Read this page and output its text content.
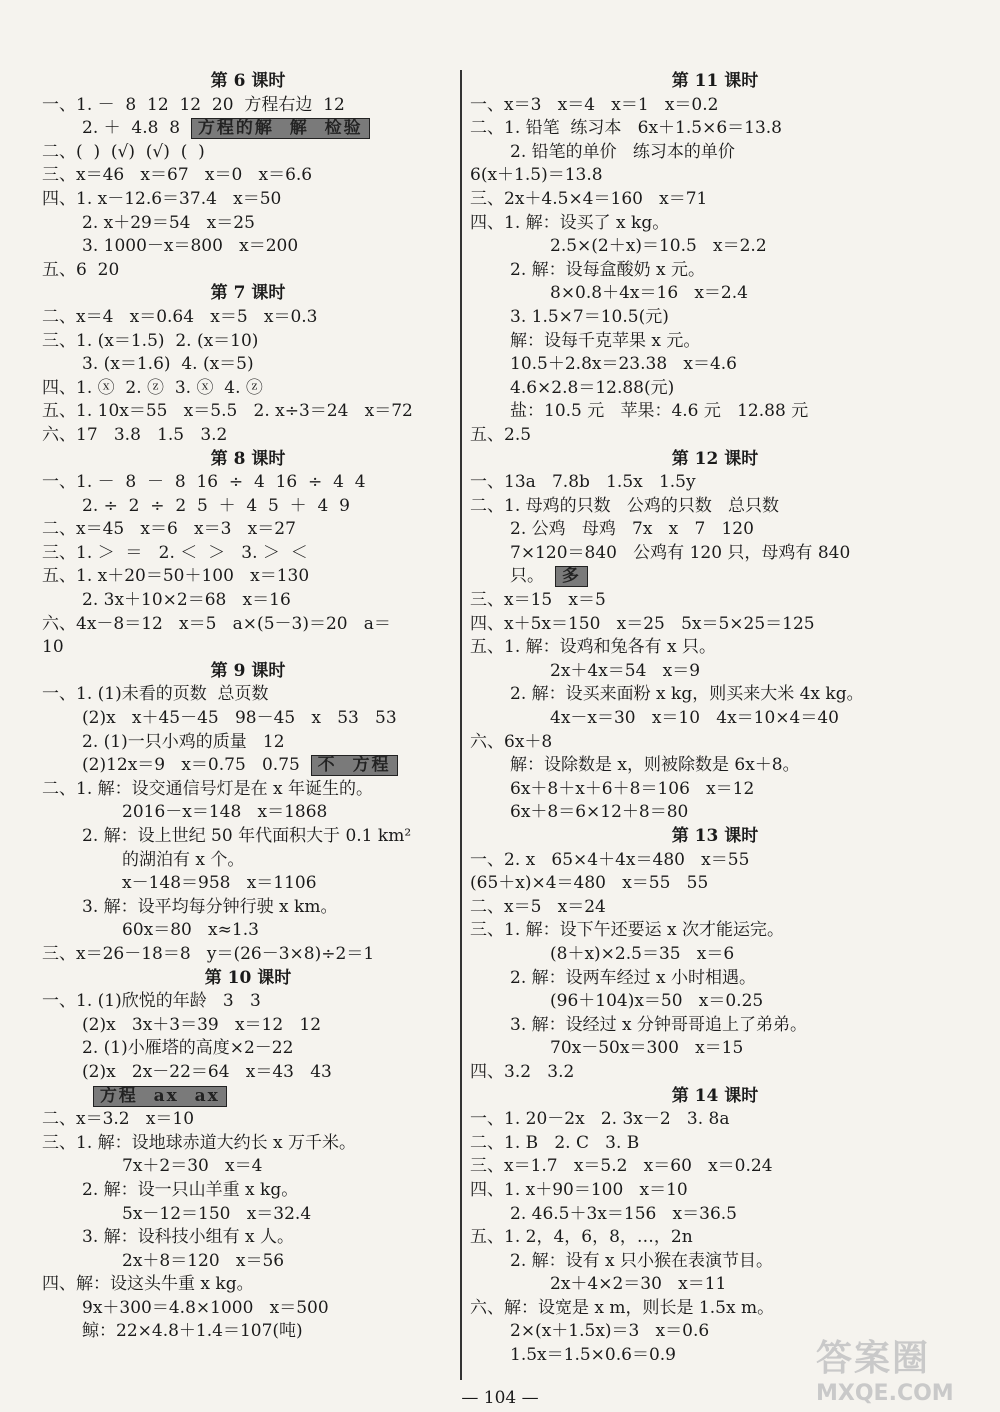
第 6 课时
一、1. －  8  12  12  20  方程右边  12
2. ＋  4.8  8 方程的解  解  检验
二、(  )  (√)  (√)  (  )
三、x＝46   x＝67   x＝0   x＝6.6
四、1. x－12.6＝37.4   x＝50
2. x＋29＝54   x＝25
3. 1000－x＝800   x＝200
五、6  20
第 7 课时
二、x＝4   x＝0.64   x＝5   x＝0.3
三、1. (x＝1.5)  2. (x＝10)
3. (x＝1.6)  4. (x＝5)
四、1. ⓧ  2. ⓩ  3. ⓧ  4. ⓩ
五、1. 10x＝55   x＝5.5   2. x÷3＝24   x＝72
六、17   3.8   1.5   3.2
第 8 课时
一、1. －  8  －  8  16  ÷  4  16  ÷  4  4
2. ÷  2  ÷  2  5  ＋  4  5  ＋  4  9
二、x＝45   x＝6   x＝3   x＝27
三、1. ＞  ＝   2. ＜  ＞   3. ＞  ＜
五、1. x＋20＝50＋100   x＝130
2. 3x＋10×2＝68   x＝16
六、4x－8＝12   x＝5   a×(5－3)＝20   a＝
10
第 9 课时
一、1. (1)未看的页数  总页数
(2)x   x＋45－45   98－45   x   53   53
2. (1)一只小鸡的质量   12
(2)12x＝9   x＝0.75   0.75 不  方程
二、1. 解：设交通信号灯是在 x 年诞生的。
2016－x＝148   x＝1868
2. 解：设上世纪 50 年代面积大于 0.1 km²
的湖泊有 x 个。
x－148＝958   x＝1106
3. 解：设平均每分钟行驶 x km。
60x＝80   x≈1.3
三、x＝26－18＝8   y＝(26－3×8)÷2＝1
第 10 课时
一、1. (1)欣悦的年龄   3   3
(2)x   3x＋3＝39   x＝12   12
2. (1)小雁塔的高度×2－22
(2)x   2x－22＝64   x＝43   43
方程  ax  ax
二、x＝3.2   x＝10
三、1. 解：设地球赤道大约长 x 万千米。
7x＋2＝30   x＝4
2. 解：设一只山羊重 x kg。
5x－12＝150   x＝32.4
3. 解：设科技小组有 x 人。
2x＋8＝120   x＝56
四、解：设这头牛重 x kg。
9x＋300＝4.8×1000   x＝500
鲸：22×4.8＋1.4＝107(吨)
第 11 课时
一、x＝3   x＝4   x＝1   x＝0.2
二、1. 铅笔  练习本   6x＋1.5×6＝13.8
2. 铅笔的单价   练习本的单价
6(x＋1.5)＝13.8
三、2x＋4.5×4＝160   x＝71
四、1. 解：设买了 x kg。
2.5×(2＋x)＝10.5   x＝2.2
2. 解：设每盒酸奶 x 元。
8×0.8＋4x＝16   x＝2.4
3. 1.5×7＝10.5(元)
解：设每千克苹果 x 元。
10.5＋2.8x＝23.38   x＝4.6
4.6×2.8＝12.88(元)
盐：10.5 元   苹果：4.6 元   12.88 元
五、2.5
第 12 课时
一、13a   7.8b   1.5x   1.5y
二、1. 母鸡的只数   公鸡的只数   总只数
2. 公鸡   母鸡   7x   x   7   120
7×120＝840   公鸡有 120 只，母鸡有 840
只。 多
三、x＝15   x＝5
四、x＋5x＝150   x＝25   5x＝5×25＝125
五、1. 解：设鸡和兔各有 x 只。
2x＋4x＝54   x＝9
2. 解：设买来面粉 x kg，则买来大米 4x kg。
4x－x＝30   x＝10   4x＝10×4＝40
六、6x＋8
解：设除数是 x，则被除数是 6x＋8。
6x＋8＋x＋6＋8＝106   x＝12
6x＋8＝6×12＋8＝80
第 13 课时
一、2. x   65×4＋4x＝480   x＝55
(65＋x)×4＝480   x＝55   55
二、x＝5   x＝24
三、1. 解：设下午还要运 x 次才能运完。
(8＋x)×2.5＝35   x＝6
2. 解：设两车经过 x 小时相遇。
(96＋104)x＝50   x＝0.25
3. 解：设经过 x 分钟哥哥追上了弟弟。
70x－50x＝300   x＝15
四、3.2   3.2
第 14 课时
一、1. 20－2x   2. 3x－2   3. 8a
二、1. B   2. C   3. B
三、x＝1.7   x＝5.2   x＝60   x＝0.24
四、1. x＋90＝100   x＝10
2. 46.5＋3x＝156   x＝36.5
五、1. 2，4，6，8，…，2n
2. 解：设有 x 只小猴在表演节目。
2x＋4×2＝30   x＝11
六、解：设宽是 x m，则长是 1.5x m。
2×(x＋1.5x)＝3   x＝0.6
1.5x＝1.5×0.6＝0.9
— 104 —
答案圈
MXQE.COM
